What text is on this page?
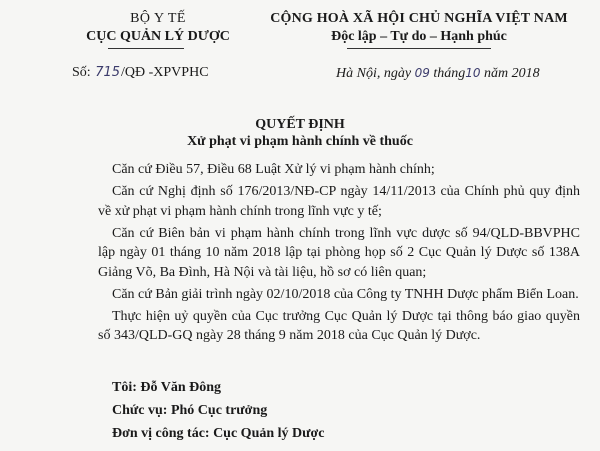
BỘ Y TẾ
CỤC QUẢN LÝ DƯỢC
CỘNG HOÀ XÃ HỘI CHỦ NGHĨA VIỆT NAM
Độc lập – Tự do – Hạnh phúc
Số: 715/QĐ -XPVPHC	Hà Nội, ngày 09 tháng10 năm 2018
QUYẾT ĐỊNH
Xử phạt vi phạm hành chính về thuốc

Căn cứ Điều 57, Điều 68 Luật Xử lý vi phạm hành chính;

Căn cứ Nghị định số 176/2013/NĐ-CP ngày 14/11/2013 của Chính phủ quy định về xử phạt vi phạm hành chính trong lĩnh vực y tế;

Căn cứ Biên bản vi phạm hành chính trong lĩnh vực dược số 94/QLD-BBVPHC lập ngày 01 tháng 10 năm 2018 lập tại phòng họp số 2 Cục Quản lý Dược số 138A Giảng Võ, Ba Đình, Hà Nội và tài liệu, hồ sơ có liên quan;

Căn cứ Bản giải trình ngày 02/10/2018 của Công ty TNHH Dược phẩm Biển Loan.

Thực hiện uỷ quyền của Cục trưởng Cục Quản lý Dược tại thông báo giao quyền số 343/QLD-GQ ngày 28 tháng 9 năm 2018 của Cục Quản lý Dược.

Tôi: Đỗ Văn Đông
Chức vụ: Phó Cục trưởng
Đơn vị công tác: Cục Quản lý Dược
